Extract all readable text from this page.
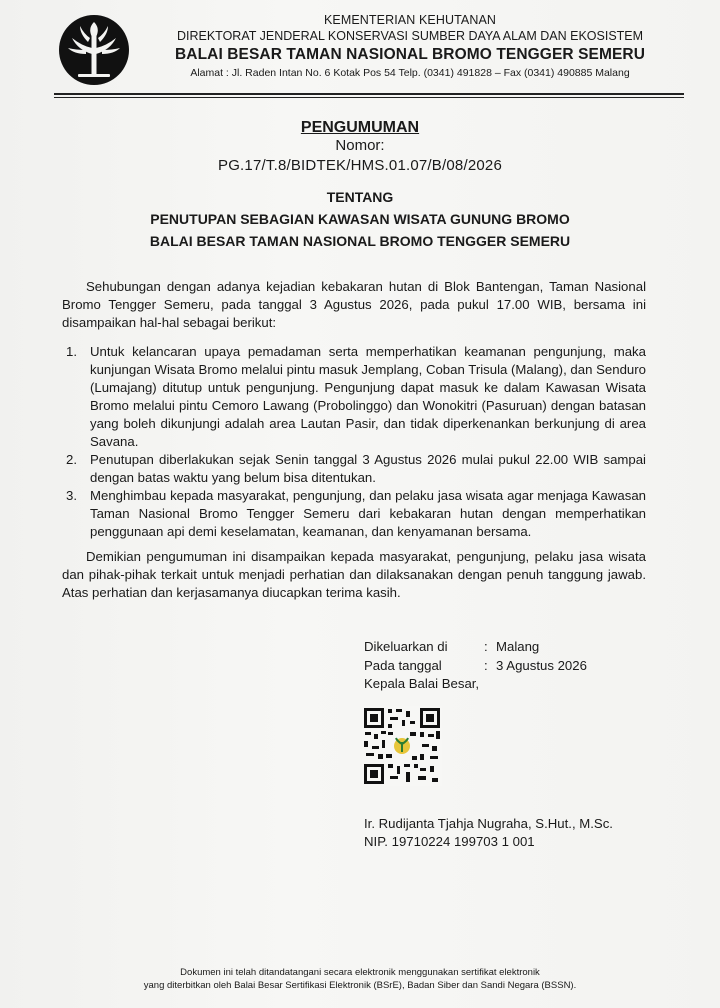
KEMENTERIAN KEHUTANAN
DIREKTORAT JENDERAL KONSERVASI SUMBER DAYA ALAM DAN EKOSISTEM
BALAI BESAR TAMAN NASIONAL BROMO TENGGER SEMERU
Alamat : Jl. Raden Intan No. 6 Kotak Pos 54 Telp. (0341) 491828 – Fax (0341) 490885 Malang
PENGUMUMAN
Nomor:
PG.17/T.8/BIDTEK/HMS.01.07/B/08/2026
TENTANG
PENUTUPAN SEBAGIAN KAWASAN WISATA GUNUNG BROMO
BALAI BESAR TAMAN NASIONAL BROMO TENGGER SEMERU
Sehubungan dengan adanya kejadian kebakaran hutan di Blok Bantengan, Taman Nasional Bromo Tengger Semeru, pada tanggal 3 Agustus 2026, pada pukul 17.00 WIB, bersama ini disampaikan hal-hal sebagai berikut:
1. Untuk kelancaran upaya pemadaman serta memperhatikan keamanan pengunjung, maka kunjungan Wisata Bromo melalui pintu masuk Jemplang, Coban Trisula (Malang), dan Senduro (Lumajang) ditutup untuk pengunjung. Pengunjung dapat masuk ke dalam Kawasan Wisata Bromo melalui pintu Cemoro Lawang (Probolinggo) dan Wonokitri (Pasuruan) dengan batasan yang boleh dikunjungi adalah area Lautan Pasir, dan tidak diperkenankan berkunjung di area Savana.
2. Penutupan diberlakukan sejak Senin tanggal 3 Agustus 2026 mulai pukul 22.00 WIB sampai dengan batas waktu yang belum bisa ditentukan.
3. Menghimbau kepada masyarakat, pengunjung, dan pelaku jasa wisata agar menjaga Kawasan Taman Nasional Bromo Tengger Semeru dari kebakaran hutan dengan memperhatikan penggunaan api demi keselamatan, keamanan, dan kenyamanan bersama.
Demikian pengumuman ini disampaikan kepada masyarakat, pengunjung, pelaku jasa wisata dan pihak-pihak terkait untuk menjadi perhatian dan dilaksanakan dengan penuh tanggung jawab. Atas perhatian dan kerjasamanya diucapkan terima kasih.
Dikeluarkan di	: Malang
Pada tanggal	: 3 Agustus 2026
Kepala Balai Besar,
Ir. Rudijanta Tjahja Nugraha, S.Hut., M.Sc.
NIP. 19710224 199703 1 001
Dokumen ini telah ditandatangani secara elektronik menggunakan sertifikat elektronik
yang diterbitkan oleh Balai Besar Sertifikasi Elektronik (BSrE), Badan Siber dan Sandi Negara (BSSN).
